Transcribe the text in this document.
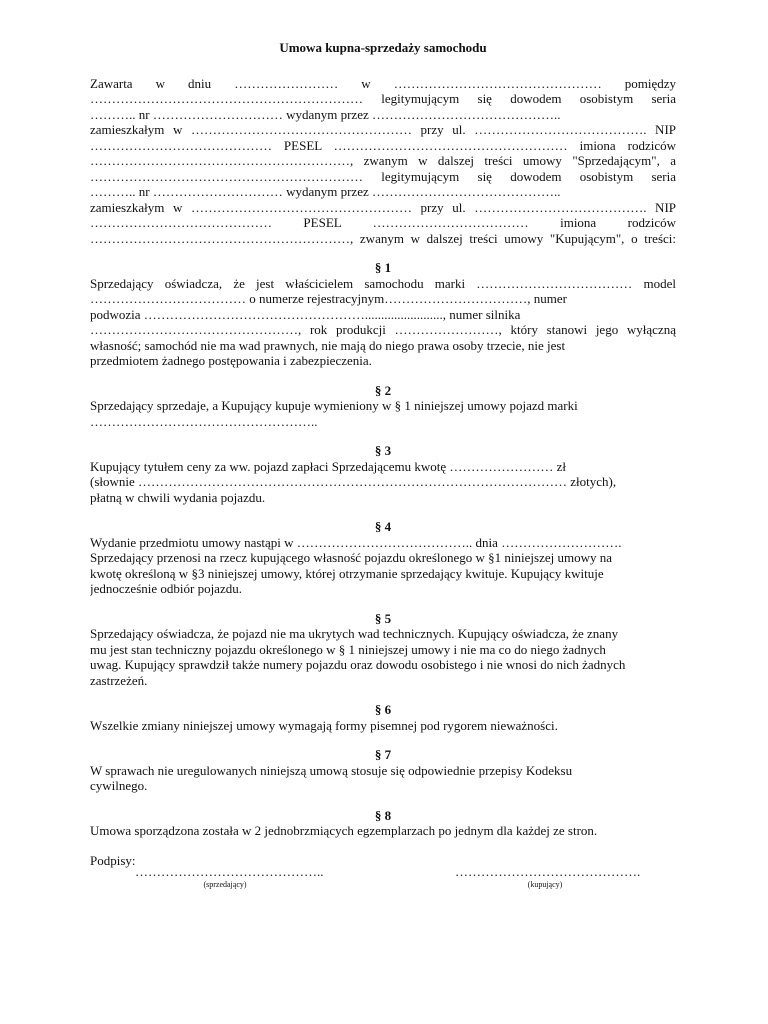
Umowa kupna-sprzedaży samochodu
Zawarta w dniu …………………… w ………………………………………… pomiędzy
……………………………………………………… legitymującym się dowodem osobistym seria
……….. nr ………………………… wydanym przez ……………………………………..
zamieszkałym w …………………………………………… przy ul. …………………………………. NIP
…………………………………… PESEL ……………………………………………… imiona rodziców
……………………………………………………, zwanym w dalszej treści umowy "Sprzedającym", a
……………………………………………………… legitymującym się dowodem osobistym seria
……….. nr ………………………… wydanym przez ……………………………………..
zamieszkałym w …………………………………………… przy ul. …………………………………. NIP
…………………………………… PESEL ……………………………… imiona rodziców
……………………………………………………, zwanym w dalszej treści umowy "Kupującym", o treści:
§ 1
Sprzedający oświadcza, że jest właścicielem samochodu marki ……………………………… model
……………………………… o numerze rejestracyjnym……………………………, numer
podwozia ……………………………………………........................, numer silnika
…………………………………………, rok produkcji ……………………, który stanowi jego wyłączną
własność; samochód nie ma wad prawnych, nie mają do niego prawa osoby trzecie, nie jest
przedmiotem żadnego postępowania i zabezpieczenia.
§ 2
Sprzedający sprzedaje, a Kupujący kupuje wymieniony w § 1 niniejszej umowy pojazd marki
……………………………………………..
§ 3
Kupujący tytułem ceny za ww. pojazd zapłaci Sprzedającemu kwotę …………………… zł
(słownie ……………………………………………………………………………………… złotych),
płatną w chwili wydania pojazdu.
§ 4
Wydanie przedmiotu umowy nastąpi w ………………………………….. dnia ……………………….
Sprzedający przenosi na rzecz kupującego własność pojazdu określonego w §1 niniejszej umowy na
kwotę określoną w §3 niniejszej umowy, której otrzymanie sprzedający kwituje. Kupujący kwituje
jednocześnie odbiór pojazdu.
§ 5
Sprzedający oświadcza, że pojazd nie ma ukrytych wad technicznych. Kupujący oświadcza, że znany
mu jest stan techniczny pojazdu określonego w § 1 niniejszej umowy i nie ma co do niego żadnych
uwag. Kupujący sprawdził także numery pojazdu oraz dowodu osobistego i nie wnosi do nich żadnych
zastrzeżeń.
§ 6
Wszelkie zmiany niniejszej umowy wymagają formy pisemnej pod rygorem nieważności.
§ 7
W sprawach nie uregulowanych niniejszą umową stosuje się odpowiednie przepisy Kodeksu
cywilnego.
§ 8
Umowa sporządzona została w 2 jednobrzmiących egzemplarzach po jednym dla każdej ze stron.
Podpisy:
……………………………………..
(sprzedający)
…………………………………….
(kupujący)
